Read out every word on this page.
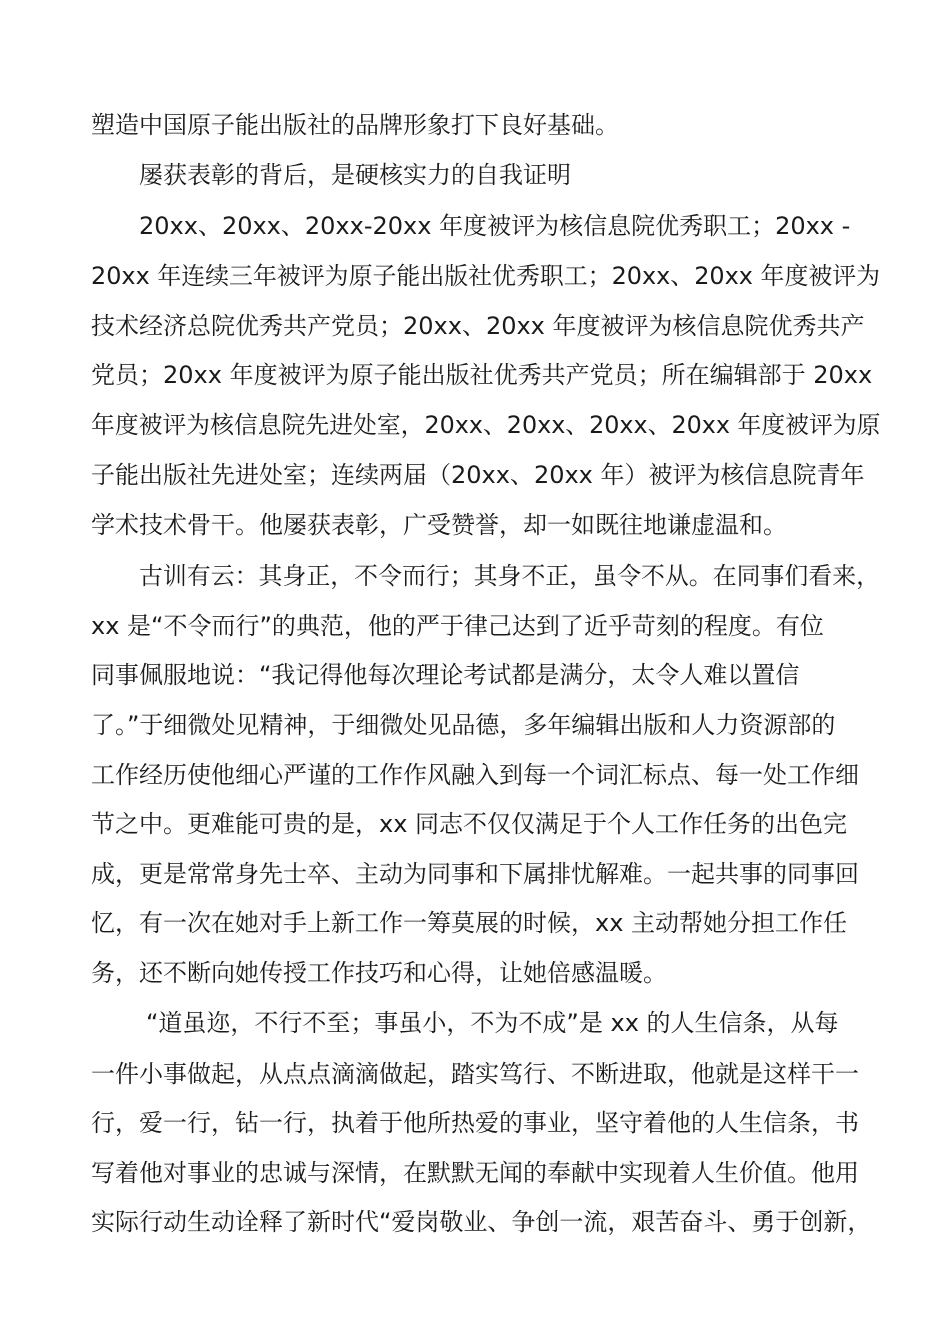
塑造中国原子能出版社的品牌形象打下良好基础。
屡获表彰的背后，是硬核实力的自我证明
20xx、20xx、20xx-20xx 年度被评为核信息院优秀职工；20xx -
20xx 年连续三年被评为原子能出版社优秀职工；20xx、20xx 年度被评为
技术经济总院优秀共产党员；20xx、20xx 年度被评为核信息院优秀共产
党员；20xx 年度被评为原子能出版社优秀共产党员；所在编辑部于 20xx
年度被评为核信息院先进处室，20xx、20xx、20xx、20xx 年度被评为原
子能出版社先进处室；连续两届（20xx、20xx 年）被评为核信息院青年
学术技术骨干。他屡获表彰，广受赞誉，却一如既往地谦虚温和。
古训有云：其身正，不令而行；其身不正，虽令不从。在同事们看来，
xx 是“不令而行”的典范，他的严于律己达到了近乎苛刻的程度。有位
同事佩服地说：“我记得他每次理论考试都是满分，太令人难以置信
了。”于细微处见精神，于细微处见品德，多年编辑出版和人力资源部的
工作经历使他细心严谨的工作作风融入到每一个词汇标点、每一处工作细
节之中。更难能可贵的是，xx 同志不仅仅满足于个人工作任务的出色完
成，更是常常身先士卒、主动为同事和下属排忧解难。一起共事的同事回
忆，有一次在她对手上新工作一筹莫展的时候，xx 主动帮她分担工作任
务，还不断向她传授工作技巧和心得，让她倍感温暖。
“道虽迩，不行不至；事虽小，不为不成”是 xx 的人生信条，从每
一件小事做起，从点点滴滴做起，踏实笃行、不断进取，他就是这样干一
行，爱一行，钻一行，执着于他所热爱的事业，坚守着他的人生信条，书
写着他对事业的忠诚与深情，在默默无闻的奉献中实现着人生价值。他用
实际行动生动诠释了新时代“爱岗敬业、争创一流，艰苦奋斗、勇于创新，
